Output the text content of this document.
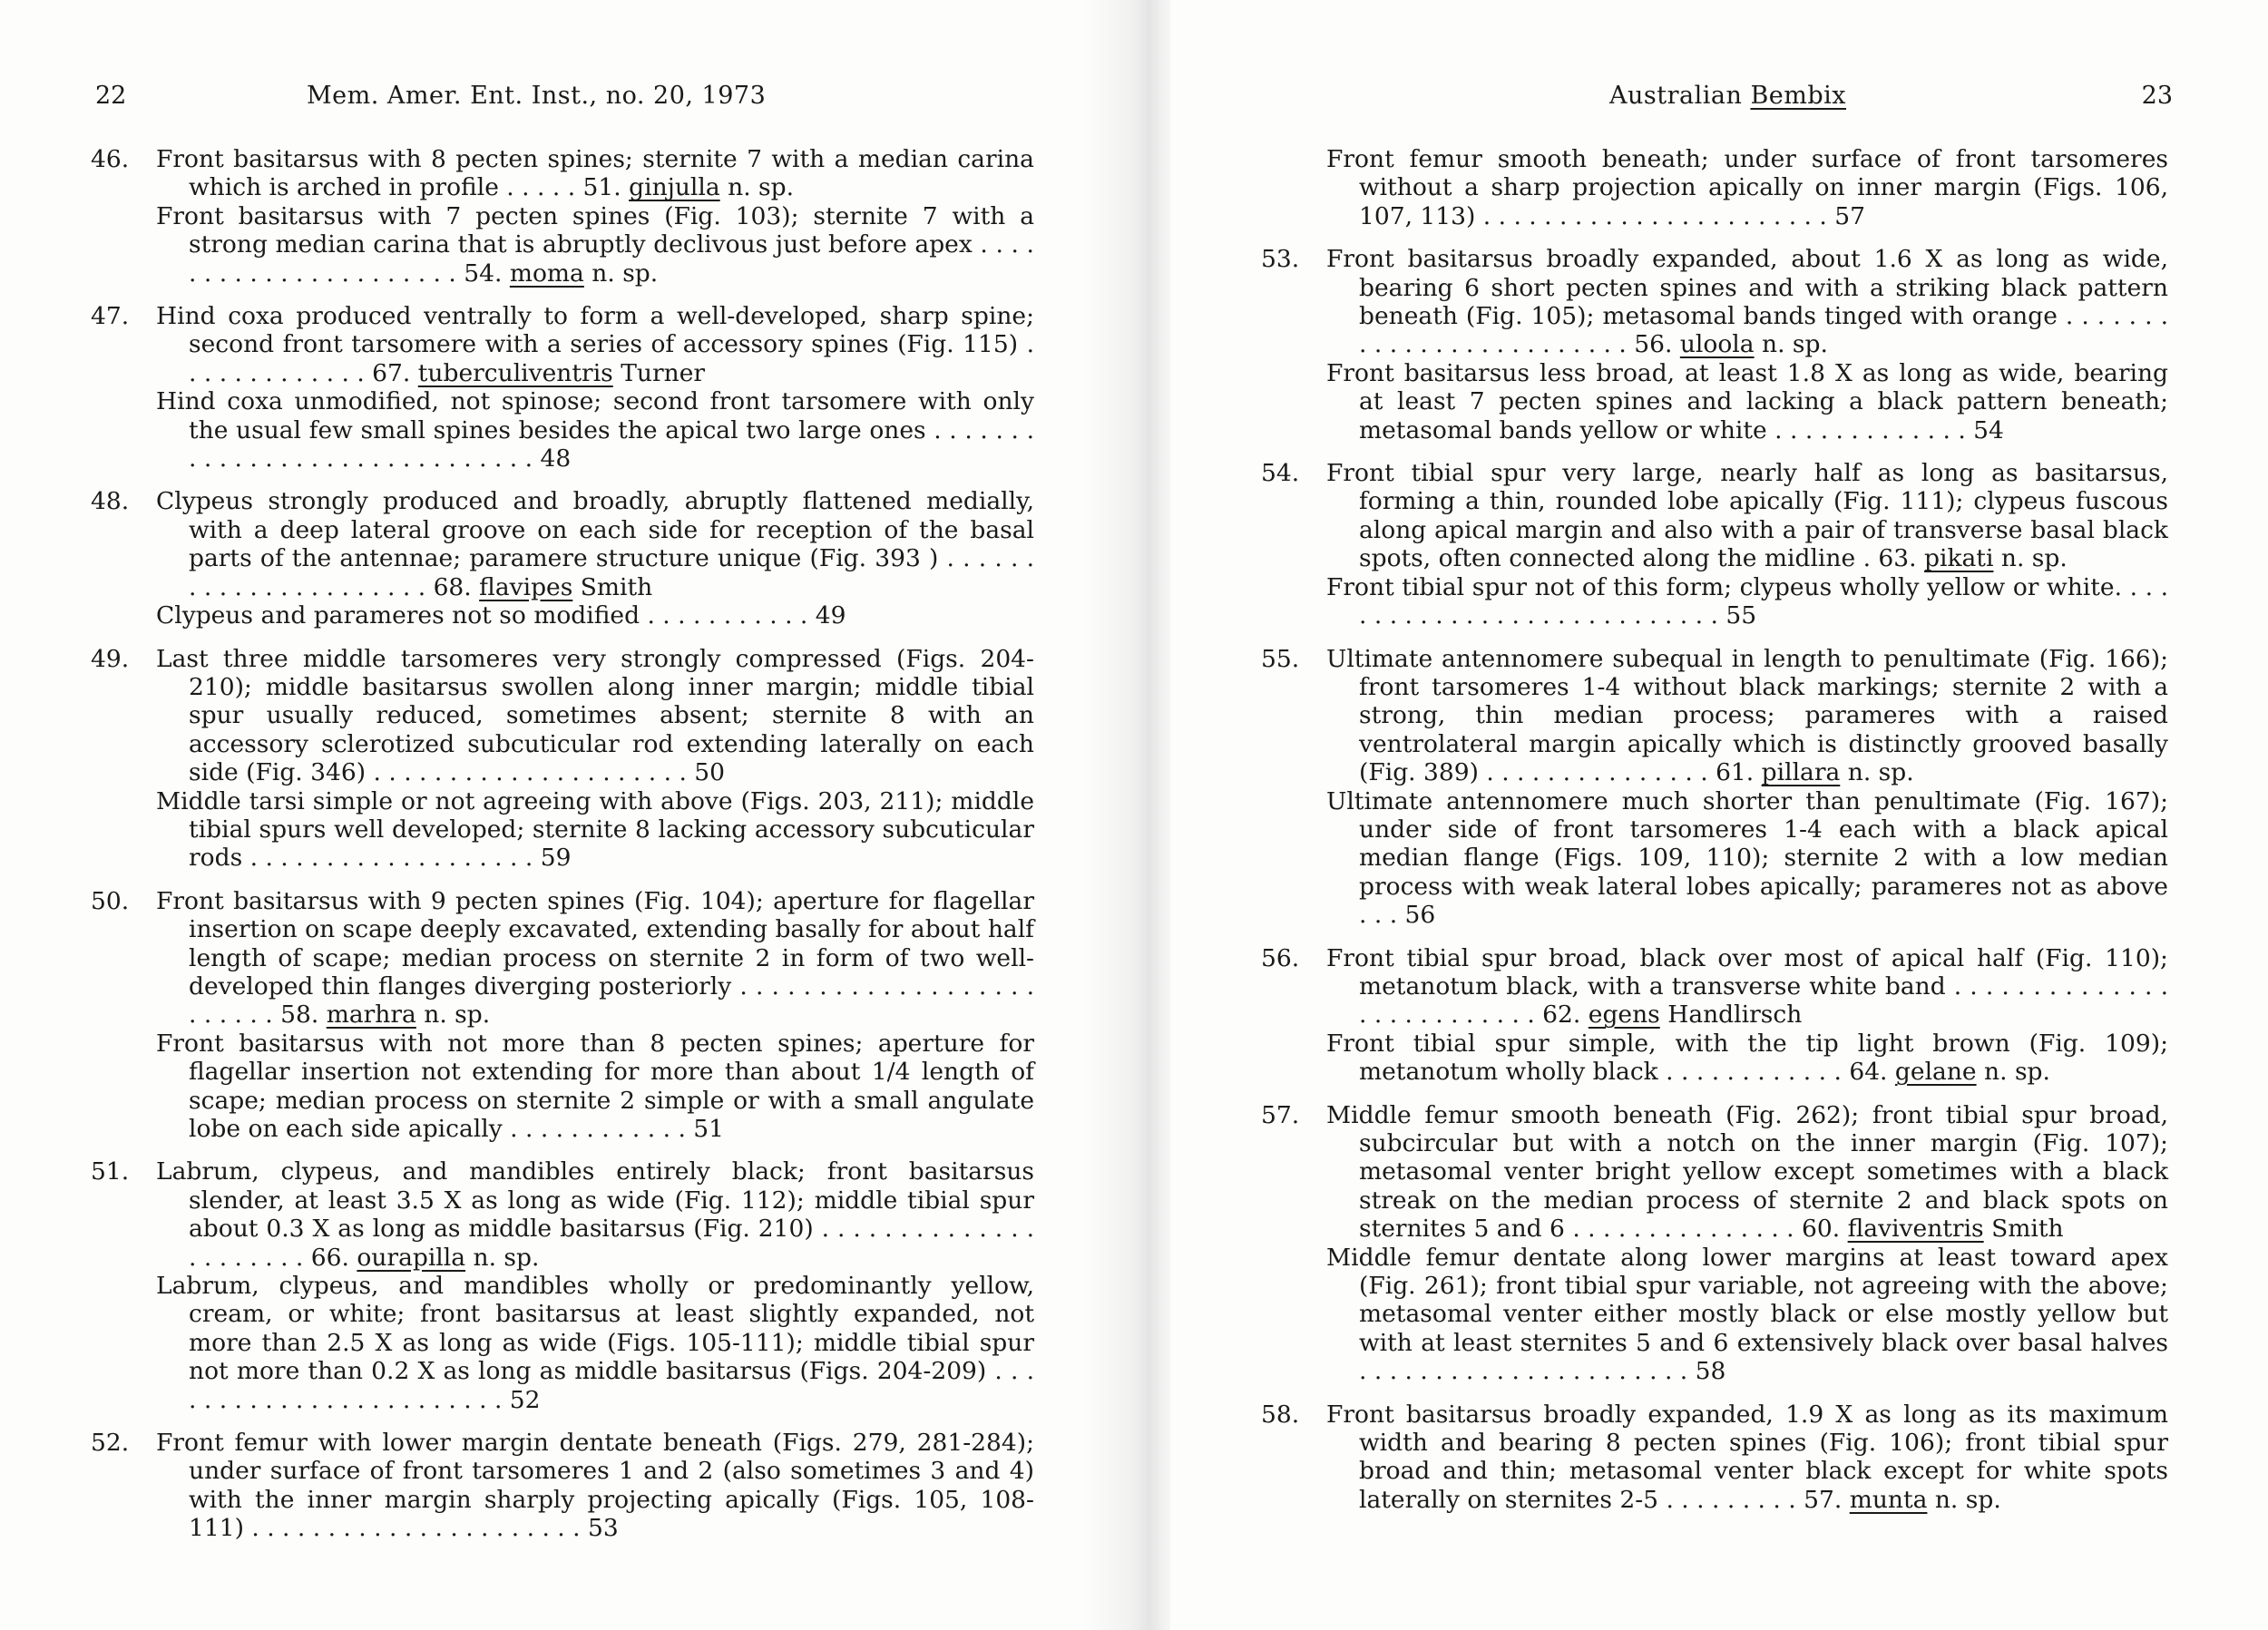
22	Mem. Amer. Ent. Inst., no. 20, 1973
46. Front basitarsus with 8 pecten spines; sternite 7 with a median carina which is arched in profile . . . . . 51. ginjulla n. sp.
Front basitarsus with 7 pecten spines (Fig. 103); sternite 7 with a strong median carina that is abruptly declivous just before apex . . . . . . . . . . . . . . . . . . . . . . 54. moma n. sp.
47. Hind coxa produced ventrally to form a well-developed, sharp spine; second front tarsomere with a series of accessory spines (Fig. 115) . . . . . . . . . . . . . 67. tuberculiventris Turner
Hind coxa unmodified, not spinose; second front tarsomere with only the usual few small spines besides the apical two large ones . . . . . . . . . . . . . . . . . . . . . . . . . . . . . . 48
48. Clypeus strongly produced and broadly, abruptly flattened medially, with a deep lateral groove on each side for reception of the basal parts of the antennae; paramere structure unique (Fig. 393 ) . . . . . . . . . . . . . . . . . . . . . . 68. flavipes Smith
Clypeus and parameres not so modified . . . . . . . . . . . 49
49. Last three middle tarsomeres very strongly compressed (Figs. 204-210); middle basitarsus swollen along inner margin; middle tibial spur usually reduced, sometimes absent; sternite 8 with an accessory sclerotized subcuticular rod extending laterally on each side (Fig. 346) . . . . . . . . . . . . . . . . . . . . . 50
Middle tarsi simple or not agreeing with above (Figs. 203, 211); middle tibial spurs well developed; sternite 8 lacking accessory subcuticular rods . . . . . . . . . . . . . . . . . . . 59
50. Front basitarsus with 9 pecten spines (Fig. 104); aperture for flagellar insertion on scape deeply excavated, extending basally for about half length of scape; median process on sternite 2 in form of two well-developed thin flanges diverging posteriorly . . . . . . . . . . . . . . . . . . . . . . . . . 58. marhra n. sp.
Front basitarsus with not more than 8 pecten spines; aperture for flagellar insertion not extending for more than about 1/4 length of scape; median process on sternite 2 simple or with a small angulate lobe on each side apically . . . . . . . . . . . . 51
51. Labrum, clypeus, and mandibles entirely black; front basitarsus slender, at least 3.5 X as long as wide (Fig. 112); middle tibial spur about 0.3 X as long as middle basitarsus (Fig. 210) . . . . . . . . . . . . . . . . . . . . . . 66. ourapilla n. sp.
Labrum, clypeus, and mandibles wholly or predominantly yellow, cream, or white; front basitarsus at least slightly expanded, not more than 2.5 X as long as wide (Figs. 105-111); middle tibial spur not more than 0.2 X as long as middle basitarsus (Figs. 204-209) . . . . . . . . . . . . . . . . . . . . . . . . 52
52. Front femur with lower margin dentate beneath (Figs. 279, 281-284); under surface of front tarsomeres 1 and 2 (also sometimes 3 and 4) with the inner margin sharply projecting apically (Figs. 105, 108-111) . . . . . . . . . . . . . . . . . . . . . . 53
23
Australian Bembix
Front femur smooth beneath; under surface of front tarsomeres without a sharp projection apically on inner margin (Figs. 106, 107, 113) . . . . . . . . . . . . . . . . . . . . . . . 57
53. Front basitarsus broadly expanded, about 1.6 X as long as wide, bearing 6 short pecten spines and with a striking black pattern beneath (Fig. 105); metasomal bands tinged with orange . . . . . . . . . . . . . . . . . . . . . . . . . 56. uloola n. sp.
Front basitarsus less broad, at least 1.8 X as long as wide, bearing at least 7 pecten spines and lacking a black pattern beneath; metasomal bands yellow or white . . . . . . . . . . . . . 54
54. Front tibial spur very large, nearly half as long as basitarsus, forming a thin, rounded lobe apically (Fig. 111); clypeus fuscous along apical margin and also with a pair of transverse basal black spots, often connected along the midline . 63. pikati n. sp.
Front tibial spur not of this form; clypeus wholly yellow or white. . . . . . . . . . . . . . . . . . . . . . . . . . . . 55
55. Ultimate antennomere subequal in length to penultimate (Fig. 166); front tarsomeres 1-4 without black markings; sternite 2 with a strong, thin median process; parameres with a raised ventrolateral margin apically which is distinctly grooved basally (Fig. 389) . . . . . . . . . . . . . . . 61. pillara n. sp.
Ultimate antennomere much shorter than penultimate (Fig. 167); under side of front tarsomeres 1-4 each with a black apical median flange (Figs. 109, 110); sternite 2 with a low median process with weak lateral lobes apically; parameres not as above . . . 56
56. Front tibial spur broad, black over most of apical half (Fig. 110); metanotum black, with a transverse white band . . . . . . . . . . . . . . . . . . . . . . . . . . 62. egens Handlirsch
Front tibial spur simple, with the tip light brown (Fig. 109); metanotum wholly black . . . . . . . . . . . . 64. gelane n. sp.
57. Middle femur smooth beneath (Fig. 262); front tibial spur broad, subcircular but with a notch on the inner margin (Fig. 107); metasomal venter bright yellow except sometimes with a black streak on the median process of sternite 2 and black spots on sternites 5 and 6 . . . . . . . . . . . . . . . 60. flaviventris Smith
Middle femur dentate along lower margins at least toward apex (Fig. 261); front tibial spur variable, not agreeing with the above; metasomal venter either mostly black or else mostly yellow but with at least sternites 5 and 6 extensively black over basal halves . . . . . . . . . . . . . . . . . . . . . . 58
58. Front basitarsus broadly expanded, 1.9 X as long as its maximum width and bearing 8 pecten spines (Fig. 106); front tibial spur broad and thin; metasomal venter black except for white spots laterally on sternites 2-5 . . . . . . . . . 57. munta n. sp.
